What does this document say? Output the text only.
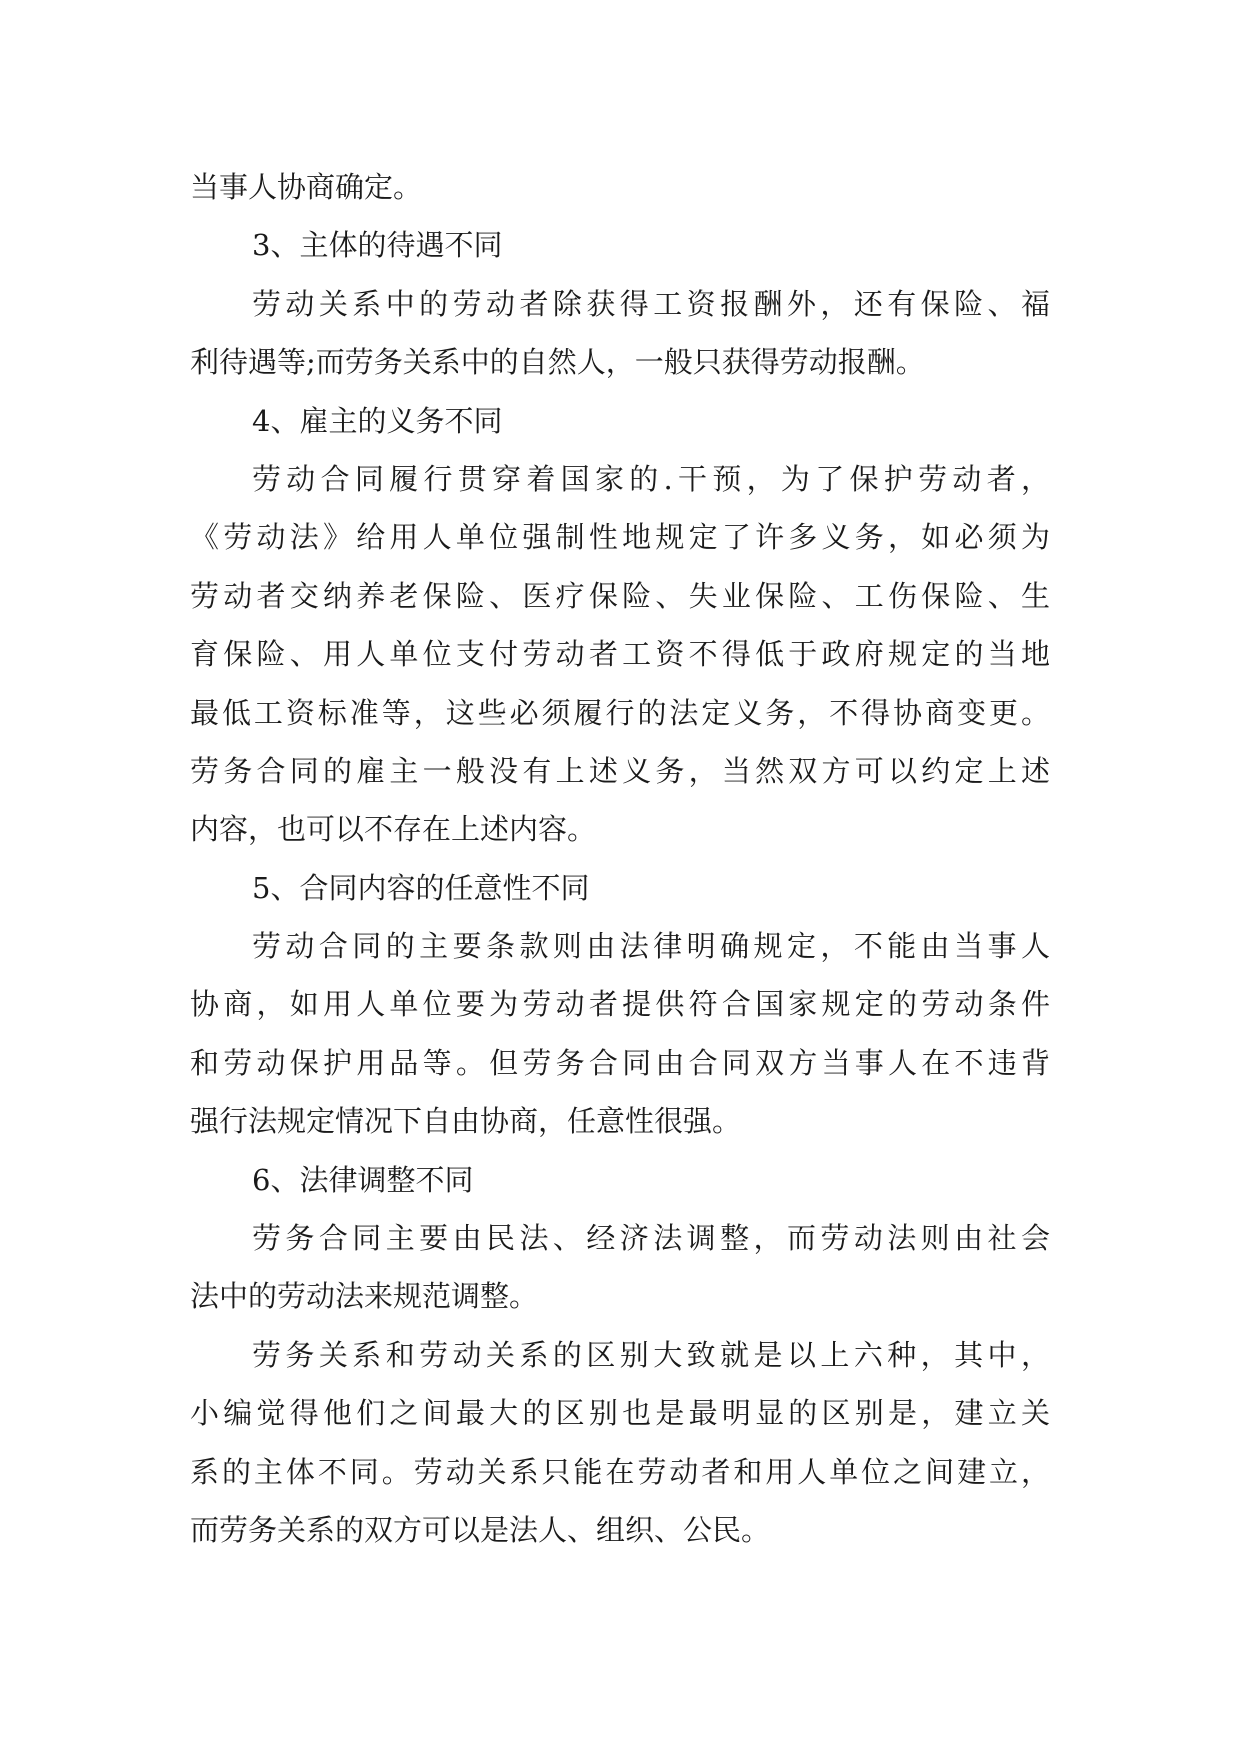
当事人协商确定。
3、主体的待遇不同
劳动关系中的劳动者除获得工资报酬外，还有保险、福
利待遇等;而劳务关系中的自然人，一般只获得劳动报酬。
4、雇主的义务不同
劳动合同履行贯穿着国家的.干预，为了保护劳动者，
《劳动法》给用人单位强制性地规定了许多义务，如必须为
劳动者交纳养老保险、医疗保险、失业保险、工伤保险、生
育保险、用人单位支付劳动者工资不得低于政府规定的当地
最低工资标准等，这些必须履行的法定义务，不得协商变更。
劳务合同的雇主一般没有上述义务，当然双方可以约定上述
内容，也可以不存在上述内容。
5、合同内容的任意性不同
劳动合同的主要条款则由法律明确规定，不能由当事人
协商，如用人单位要为劳动者提供符合国家规定的劳动条件
和劳动保护用品等。但劳务合同由合同双方当事人在不违背
强行法规定情况下自由协商，任意性很强。
6、法律调整不同
劳务合同主要由民法、经济法调整，而劳动法则由社会
法中的劳动法来规范调整。
劳务关系和劳动关系的区别大致就是以上六种，其中，
小编觉得他们之间最大的区别也是最明显的区别是，建立关
系的主体不同。劳动关系只能在劳动者和用人单位之间建立，
而劳务关系的双方可以是法人、组织、公民。
